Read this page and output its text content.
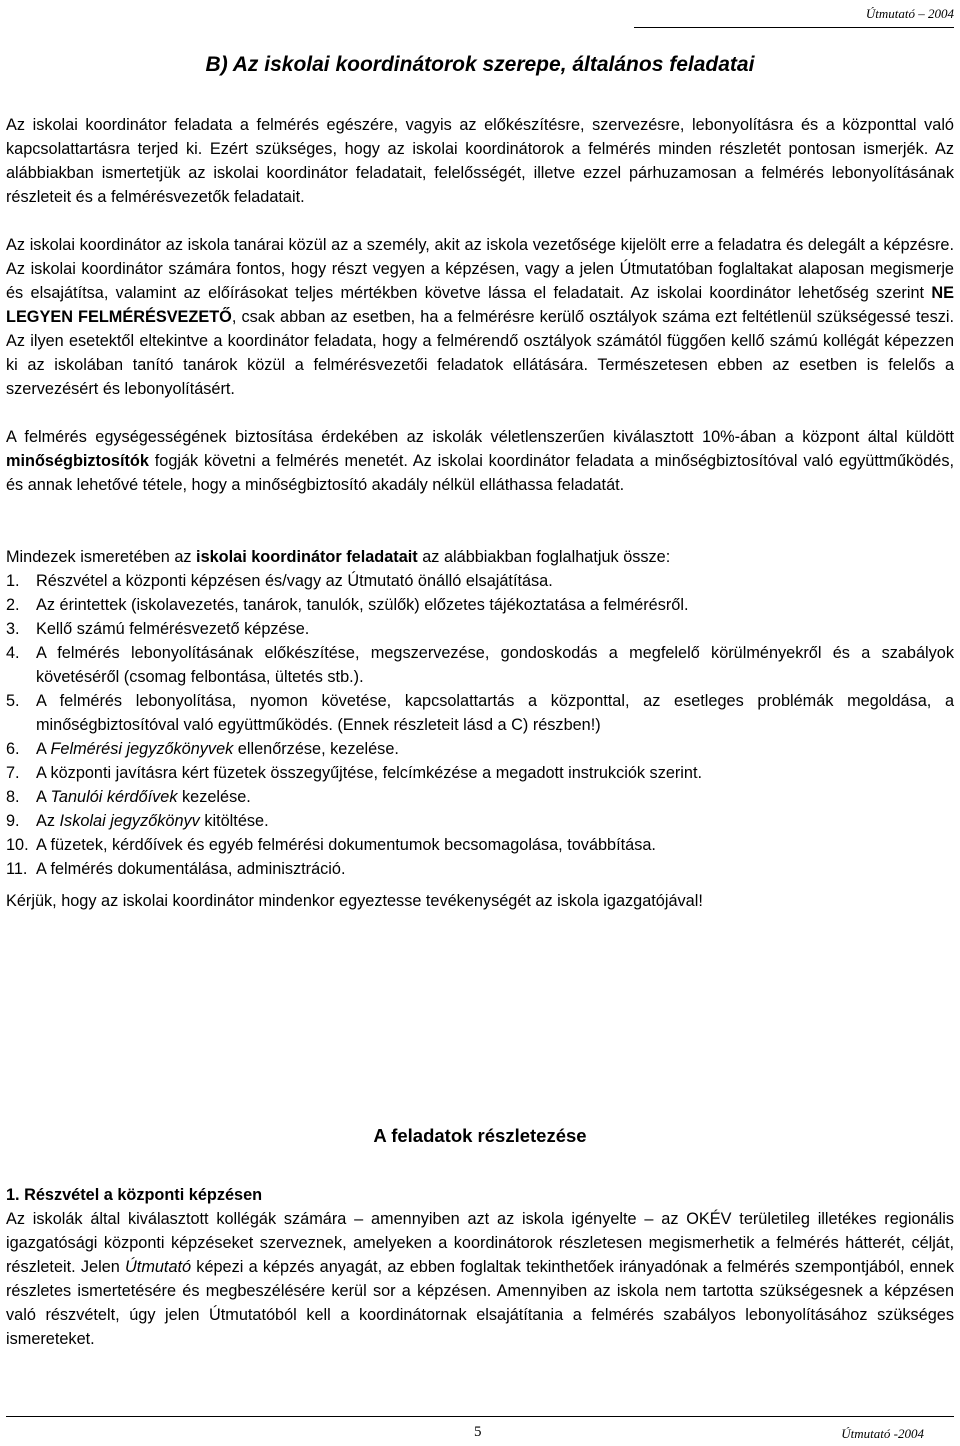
Útmutató – 2004
B) Az iskolai koordinátorok szerepe, általános feladatai

Az iskolai koordinátor feladata a felmérés egészére, vagyis az előkészítésre, szervezésre, lebonyolításra és a központtal való kapcsolattartásra terjed ki. Ezért szükséges, hogy az iskolai koordinátorok a felmérés minden részletét pontosan ismerjék. Az alábbiakban ismertetjük az iskolai koordinátor feladatait, felelősségét, illetve ezzel párhuzamosan a felmérés lebonyolításának részleteit és a felmérésvezetők feladatait.

Az iskolai koordinátor az iskola tanárai közül az a személy, akit az iskola vezetősége kijelölt erre a feladatra és delegált a képzésre. Az iskolai koordinátor számára fontos, hogy részt vegyen a képzésen, vagy a jelen Útmutatóban foglaltakat alaposan megismerje és elsajátítsa, valamint az előírásokat teljes mértékben követve lássa el feladatait. Az iskolai koordinátor lehetőség szerint NE LEGYEN FELMÉRÉSVEZETŐ, csak abban az esetben, ha a felmérésre kerülő osztályok száma ezt feltétlenül szükségessé teszi. Az ilyen esetektől eltekintve a koordinátor feladata, hogy a felmérendő osztályok számától függően kellő számú kollégát képezzen ki az iskolában tanító tanárok közül a felmérésvezetői feladatok ellátására. Természetesen ebben az esetben is felelős a szervezésért és lebonyolításért.

A felmérés egységességének biztosítása érdekében az iskolák véletlenszerűen kiválasztott 10%-ában a központ által küldött minőségbiztosítók fogják követni a felmérés menetét. Az iskolai koordinátor feladata a minőségbiztosítóval való együttműködés, és annak lehetővé tétele, hogy a minőségbiztosító akadály nélkül elláthassa feladatát.

Mindezek ismeretében az iskolai koordinátor feladatait az alábbiakban foglalhatjuk össze:

1. Részvétel a központi képzésen és/vagy az Útmutató önálló elsajátítása.
2. Az érintettek (iskolavezetés, tanárok, tanulók, szülők) előzetes tájékoztatása a felmérésről.
3. Kellő számú felmérésvezető képzése.
4. A felmérés lebonyolításának előkészítése, megszervezése, gondoskodás a megfelelő körülményekről és a szabályok követéséről (csomag felbontása, ültetés stb.).
5. A felmérés lebonyolítása, nyomon követése, kapcsolattartás a központtal, az esetleges problémák megoldása, a minőségbiztosítóval való együttműködés. (Ennek részleteit lásd a C) részben!)
6. A Felmérési jegyzőkönyvek ellenőrzése, kezelése.
7. A központi javításra kért füzetek összegyűjtése, felcímkézése a megadott instrukciók szerint.
8. A Tanulói kérdőívek kezelése.
9. Az Iskolai jegyzőkönyv kitöltése.
10. A füzetek, kérdőívek és egyéb felmérési dokumentumok becsomagolása, továbbítása.
11. A felmérés dokumentálása, adminisztráció.

Kérjük, hogy az iskolai koordinátor mindenkor egyeztesse tevékenységét az iskola igazgatójával!

A feladatok részletezése
1. Részvétel a központi képzésen

Az iskolák által kiválasztott kollégák számára – amennyiben azt az iskola igényelte – az OKÉV területileg illetékes regionális igazgatósági központi képzéseket szerveznek, amelyeken a koordinátorok részletesen megismerhetik a felmérés hátterét, célját, részleteit. Jelen Útmutató képezi a képzés anyagát, az ebben foglaltak tekinthetőek irányadónak a felmérés szempontjából, ennek részletes ismertetésére és megbeszélésére kerül sor a képzésen. Amennyiben az iskola nem tartotta szükségesnek a képzésen való részvételt, úgy jelen Útmutatóból kell a koordinátornak elsajátítania a felmérés szabályos lebonyolításához szükséges ismereteket.

5	Útmutató -2004
